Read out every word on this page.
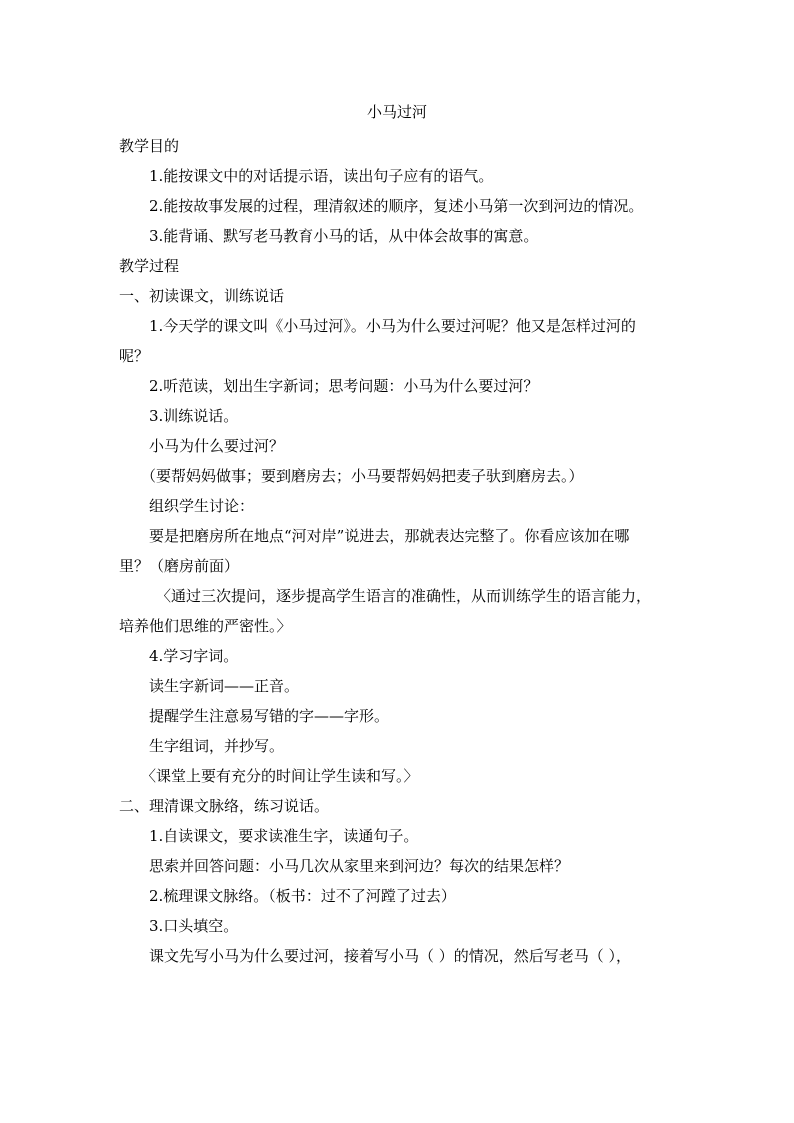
小马过河

教学目的

1.能按课文中的对话提示语，读出句子应有的语气。

2.能按故事发展的过程，理清叙述的顺序，复述小马第一次到河边的情况。

3.能背诵、默写老马教育小马的话，从中体会故事的寓意。

教学过程

一、初读课文，训练说话

1.今天学的课文叫《小马过河》。小马为什么要过河呢？他又是怎样过河的

呢？

2.听范读，划出生字新词；思考问题：小马为什么要过河？

3.训练说话。

小马为什么要过河？

（要帮妈妈做事；要到磨房去；小马要帮妈妈把麦子驮到磨房去。）

组织学生讨论：

要是把磨房所在地点“河对岸”说进去，那就表达完整了。你看应该加在哪

里？（磨房前面）

〈通过三次提问，逐步提高学生语言的准确性，从而训练学生的语言能力，

培养他们思维的严密性。〉

4.学习字词。

读生字新词——正音。

提醒学生注意易写错的字——字形。

生字组词，并抄写。

〈课堂上要有充分的时间让学生读和写。〉

二、理清课文脉络，练习说话。

1.自读课文，要求读准生字，读通句子。

思索并回答问题：小马几次从家里来到河边？每次的结果怎样？

2.梳理课文脉络。（板书：过不了河蹚了过去）

3.口头填空。

课文先写小马为什么要过河，接着写小马（ ）的情况，然后写老马（ ），
